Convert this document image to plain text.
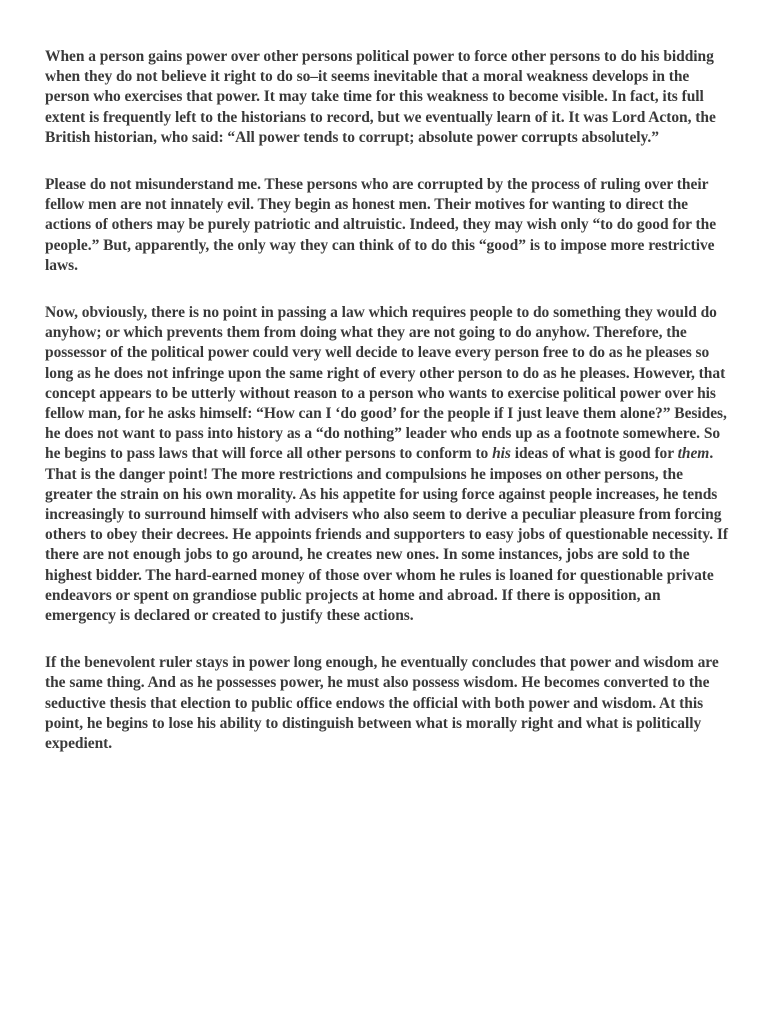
When a person gains power over other persons political power to force other persons to do his bidding when they do not believe it right to do so–it seems inevitable that a moral weakness develops in the person who exercises that power. It may take time for this weakness to become visible. In fact, its full extent is frequently left to the historians to record, but we eventually learn of it. It was Lord Acton, the British historian, who said: “All power tends to corrupt; absolute power corrupts absolutely.”

Please do not misunderstand me. These persons who are corrupted by the process of ruling over their fellow men are not innately evil. They begin as honest men. Their motives for wanting to direct the actions of others may be purely patriotic and altruistic. Indeed, they may wish only “to do good for the people.” But, apparently, the only way they can think of to do this “good” is to impose more restrictive laws.

Now, obviously, there is no point in passing a law which requires people to do something they would do anyhow; or which prevents them from doing what they are not going to do anyhow. Therefore, the possessor of the political power could very well decide to leave every person free to do as he pleases so long as he does not infringe upon the same right of every other person to do as he pleases. However, that concept appears to be utterly without reason to a person who wants to exercise political power over his fellow man, for he asks himself: “How can I ‘do good’ for the people if I just leave them alone?” Besides, he does not want to pass into history as a “do nothing” leader who ends up as a footnote somewhere. So he begins to pass laws that will force all other persons to conform to his ideas of what is good for them. That is the danger point! The more restrictions and compulsions he imposes on other persons, the greater the strain on his own morality. As his appetite for using force against people increases, he tends increasingly to surround himself with advisers who also seem to derive a peculiar pleasure from forcing others to obey their decrees. He appoints friends and supporters to easy jobs of questionable necessity. If there are not enough jobs to go around, he creates new ones. In some instances, jobs are sold to the highest bidder. The hard-earned money of those over whom he rules is loaned for questionable private endeavors or spent on grandiose public projects at home and abroad. If there is opposition, an emergency is declared or created to justify these actions.

If the benevolent ruler stays in power long enough, he eventually concludes that power and wisdom are the same thing. And as he possesses power, he must also possess wisdom. He becomes converted to the seductive thesis that election to public office endows the official with both power and wisdom. At this point, he begins to lose his ability to distinguish between what is morally right and what is politically expedient.
